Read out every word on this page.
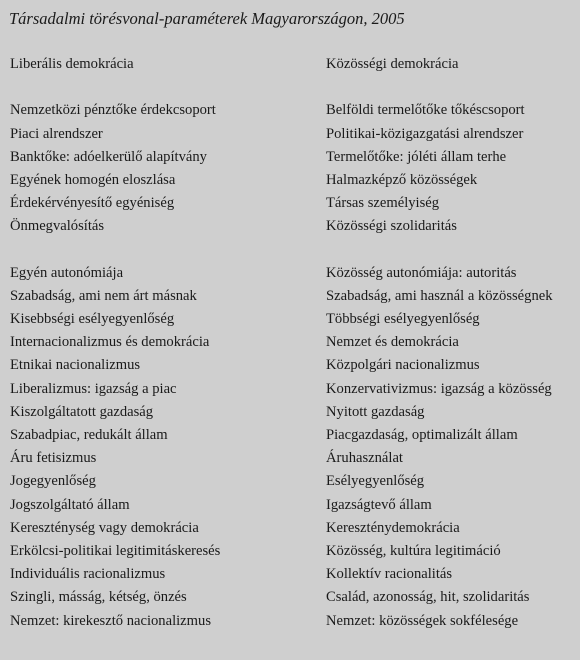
Társadalmi törésvonal-paraméterek Magyarországon, 2005
Liberális demokrácia
Nemzetközi pénztőke érdekcsoport
Piaci alrendszer
Banktőke: adóelkerülő alapítvány
Egyének homogén eloszlása
Érdekérvényesítő egyéniség
Önmegvalósítás
Egyén autonómiája
Szabadság, ami nem árt másnak
Kisebbségi esélyegyenlőség
Internacionalizmus és demokrácia
Etnikai nacionalizmus
Liberalizmus: igazság a piac
Kiszolgáltatott gazdaság
Szabadpiac, redukált állam
Áru fetisizmus
Jogegyenlőség
Jogszolgáltató állam
Kereszténység vagy demokrácia
Erkölcsi-politikai legitimitáskeresés
Individuális racionalizmus
Szingli, másság, kétség, önzés
Nemzet: kirekesztő nacionalizmus
Közösségi demokrácia
Belföldi termelőtőke tőkéscsoport
Politikai-közigazgatási alrendszer
Termelőtőke: jóléti állam terhe
Halmazképző közösségek
Társas személyiség
Közösségi szolidaritás
Közösség autonómiája: autoritás
Szabadság, ami használ a közösségnek
Többségi esélyegyenlőség
Nemzet és demokrácia
Közpolgári nacionalizmus
Konzervativizmus: igazság a közösség
Nyitott gazdaság
Piacgazdaság, optimalizált állam
Áruhasználat
Esélyegyenlőség
Igazságtevő állam
Kereszténydemokrácia
Közösség, kultúra legitimáció
Kollektív racionalitás
Család, azonosság, hit, szolidaritás
Nemzet: közösségek sokfélesége
